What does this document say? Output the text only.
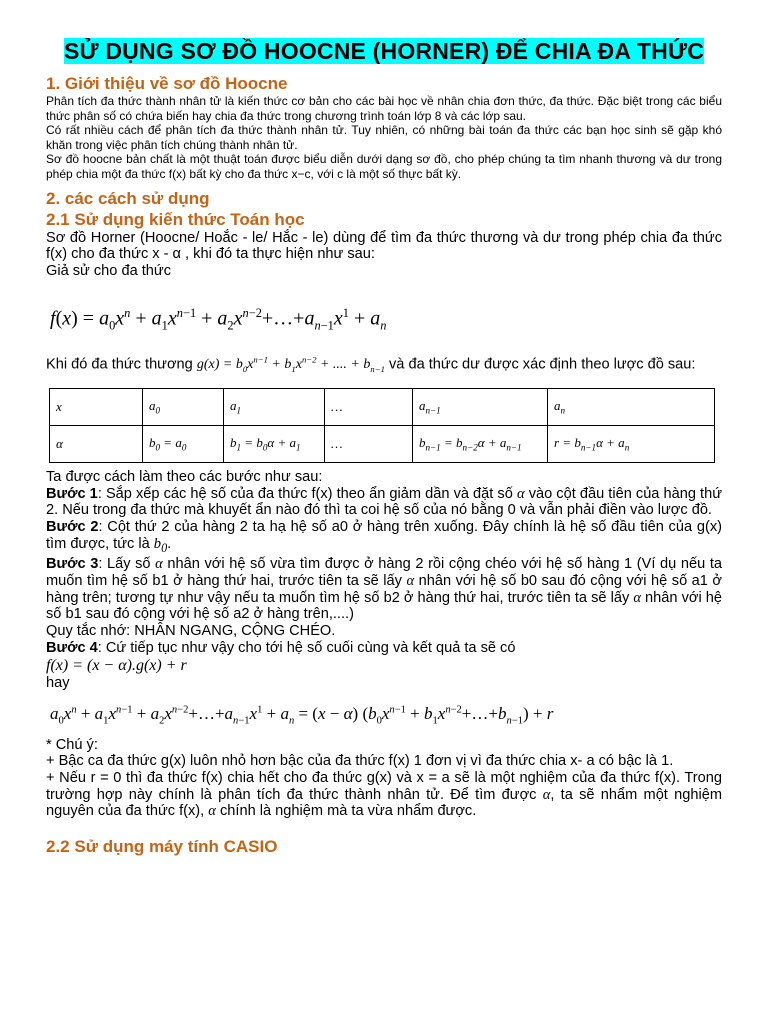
SỬ DỤNG SƠ ĐỒ HOOCNE (HORNER) ĐỂ CHIA ĐA THỨC
1. Giới thiệu về sơ đồ Hoocne

Phân tích đa thức thành nhân tử là kiến thức cơ bản cho các bài học về nhân chia đơn thức, đa thức. Đặc biệt trong các biểu thức phân số có chứa biến hay chia đa thức trong chương trình toán lớp 8 và các lớp sau.

Có rất nhiều cách để phân tích đa thức thành nhân tử. Tuy nhiên, có những bài toán đa thức các bạn học sinh sẽ gặp khó khăn trong việc phân tích chúng thành nhân tử.

Sơ đồ hoocne bản chất là một thuật toán được biểu diễn dưới dạng sơ đồ, cho phép chúng ta tìm nhanh thương và dư trong phép chia một đa thức f(x) bất kỳ cho đa thức x−c, với c là một số thực bất kỳ.

2. các cách sử dụng
2.1 Sử dụng kiến thức Toán học

Sơ đồ Horner (Hoocne/ Hoắc - le/ Hắc - le) dùng để tìm đa thức thương và dư trong phép chia đa thức f(x) cho đa thức x - α , khi đó ta thực hiện như sau:

Giả sử cho đa thức

$f(x) = a_0x^n + a_1x^{n-1}$ + $a_2x^{n-2}+\dots+a_{n-1}x^1 + a_n$

Khi đó đa thức thương $g(x) = b_0x^{n-1} + b_1x^{n-2}$ + .... + $b_{n-1}$ và đa thức dư được xác định theo lược đồ sau:

x	$a_0$	$a_1$	…	$a_{n-1}$	$a_n$
α	$b_0 = a_0$	$b_1 = b_0\alpha + a_1$	…	$b_{n-1} = b_{n-2}\alpha + a_{n-1}$	$r = b_{n-1}\alpha + a_n$

Ta được cách làm theo các bước như sau:

Bước 1: Sắp xếp các hệ số của đa thức f(x) theo ẩn giảm dần và đặt số α vào cột đầu tiên của hàng thứ 2. Nếu trong đa thức mà khuyết ẩn nào đó thì ta coi hệ số của nó bằng 0 và vẫn phải điền vào lược đồ.

Bước 2: Cột thứ 2 của hàng 2 ta hạ hệ số a0 ở hàng trên xuống. Đây chính là hệ số đầu tiên của g(x) tìm được, tức là $b_0$.

Bước 3: Lấy số α nhân với hệ số vừa tìm được ở hàng 2 rồi cộng chéo với hệ số hàng 1 (Ví dụ nếu ta muốn tìm hệ số b1 ở hàng thứ hai, trước tiên ta sẽ lấy α nhân với hệ số b0 sau đó cộng với hệ số a1 ở hàng trên; tương tự như vậy nếu ta muốn tìm hệ số b2 ở hàng thứ hai, trước tiên ta sẽ lấy α nhân với hệ số b1 sau đó cộng với hệ số a2 ở hàng trên,....)

Quy tắc nhớ: NHÂN NGANG, CỘNG CHÉO.

Bước 4: Cứ tiếp tục như vậy cho tới hệ số cuối cùng và kết quả ta sẽ có

f(x) = (x − α).g(x) + r

hay

$a_0x^n + a_1x^{n-1}$ + $a_2x^{n-2}+\dots+a_{n-1}x^1 + a_n = (x - \alpha) (b_0x^{n-1}$ + $b_1x^{n-2}+\dots+b_{n-1}) + r$

* Chú ý:

+ Bậc ca đa thức g(x) luôn nhỏ hơn bậc của đa thức f(x) 1 đơn vị vì đa thức chia x- a có bậc là 1.

+ Nếu r = 0 thì đa thức f(x) chia hết cho đa thức g(x) và x = a sẽ là một nghiệm của đa thức f(x). Trong trường hợp này chính là phân tích đa thức thành nhân tử. Để tìm được α, ta sẽ nhẩm một nghiệm nguyên của đa thức f(x), α chính là nghiệm mà ta vừa nhẩm được.

2.2 Sử dụng máy tính CASIO
